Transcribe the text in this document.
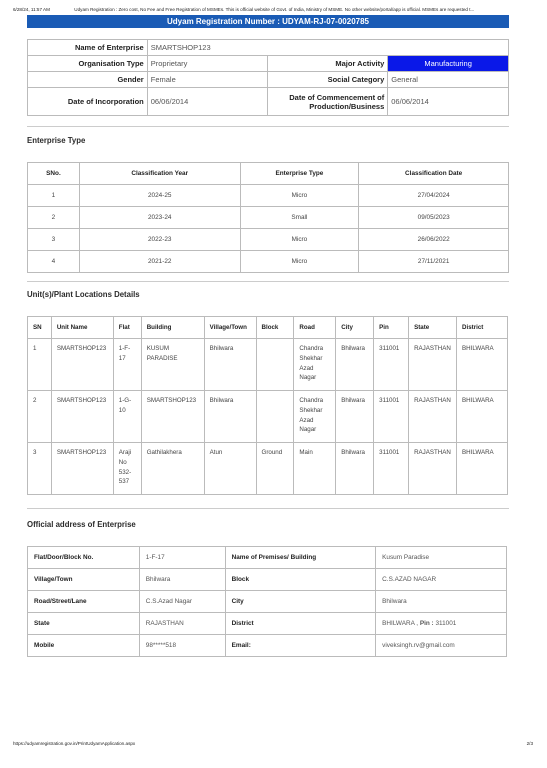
6/28/24, 11:57 AM	Udyam Registration : Zero cost, No Fee and Free Registration of MSMEs. This is official website of Govt. of India, Ministry of MSME. No other website/portal/app is official. MSMEs are requested t...
Udyam Registration Number : UDYAM-RJ-07-0020785
Name of Enterprise	SMARTSHOP123		
Organisation Type	Proprietary	Major Activity	Manufacturing
Gender	Female	Social Category	General
Date of Incorporation	06/06/2014	Date of Commencement of Production/Business	06/06/2014
Enterprise Type
SNo.	Classification Year	Enterprise Type	Classification Date
1	2024-25	Micro	27/04/2024
2	2023-24	Small	09/05/2023
3	2022-23	Micro	26/06/2022
4	2021-22	Micro	27/11/2021
Unit(s)/Plant Locations Details
SN	Unit Name	Flat	Building	Village/Town	Block	Road	City	Pin	State	District
1	SMARTSHOP123	1-F-17	KUSUM PARADISE	Bhilwara		Chandra Shekhar Azad Nagar	Bhilwara	311001	RAJASTHAN	BHILWARA
2	SMARTSHOP123	1-G-10	SMARTSHOP123	Bhilwara		Chandra Shekhar Azad Nagar	Bhilwara	311001	RAJASTHAN	BHILWARA
3	SMARTSHOP123	Araji No 532-537	Gathilakhera	Atun	Ground	Main	Bhilwara	311001	RAJASTHAN	BHILWARA
Official address of Enterprise
Flat/Door/Block No.	1-F-17	Name of Premises/ Building	Kusum Paradise
Village/Town	Bhilwara	Block	C.S.AZAD NAGAR
Road/Street/Lane	C.S.Azad Nagar	City	Bhilwara
State	RAJASTHAN	District	BHILWARA , Pin : 311001
Mobile	98*****518	Email:	viveksingh.rv@gmail.com
https://udyamregistration.gov.in/PrintUdyamApplication.aspx	2/3
